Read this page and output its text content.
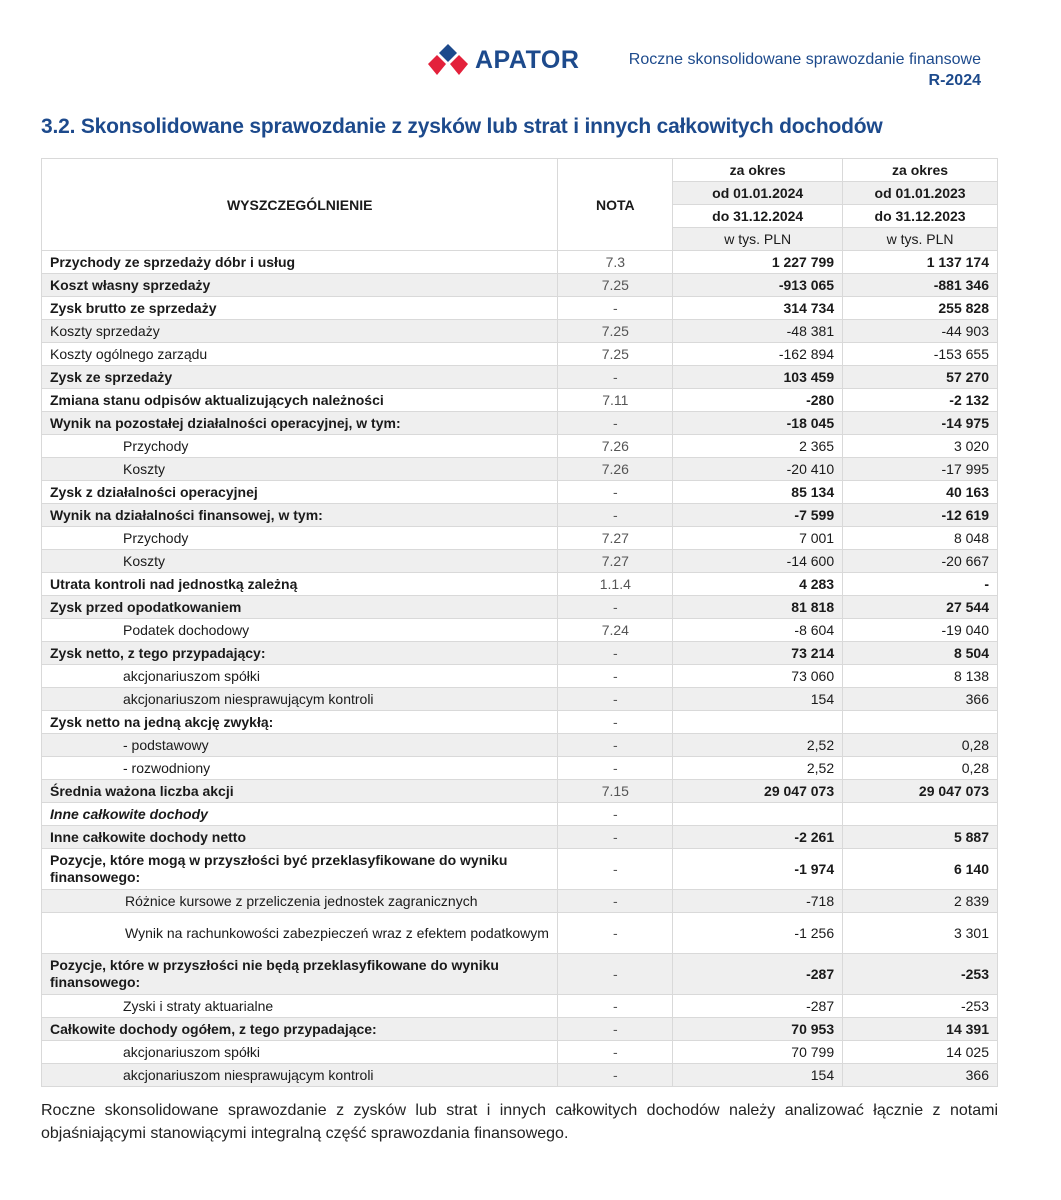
APATOR	Roczne skonsolidowane sprawozdanie finansowe
R-2024
3.2. Skonsolidowane sprawozdanie z zysków lub strat i innych całkowitych dochodów
WYSZCZEGÓLNIENIE	NOTA	za okres	za okres
		od 01.01.2024	od 01.01.2023
		do 31.12.2024	do 31.12.2023
		w tys. PLN	w tys. PLN
Przychody ze sprzedaży dóbr i usług	7.3	1 227 799	1 137 174
Koszt własny sprzedaży	7.25	-913 065	-881 346
Zysk brutto ze sprzedaży	-	314 734	255 828
Koszty sprzedaży	7.25	-48 381	-44 903
Koszty ogólnego zarządu	7.25	-162 894	-153 655
Zysk ze sprzedaży	-	103 459	57 270
Zmiana stanu odpisów aktualizujących należności	7.11	-280	-2 132
Wynik na pozostałej działalności operacyjnej, w tym:	-	-18 045	-14 975
Przychody	7.26	2 365	3 020
Koszty	7.26	-20 410	-17 995
Zysk z działalności operacyjnej	-	85 134	40 163
Wynik na działalności finansowej, w tym:	-	-7 599	-12 619
Przychody	7.27	7 001	8 048
Koszty	7.27	-14 600	-20 667
Utrata kontroli nad jednostką zależną	1.1.4	4 283	-
Zysk przed opodatkowaniem	-	81 818	27 544
Podatek dochodowy	7.24	-8 604	-19 040
Zysk netto, z tego przypadający:	-	73 214	8 504
akcjonariuszom spółki	-	73 060	8 138
akcjonariuszom niesprawującym kontroli	-	154	366
Zysk netto na jedną akcję zwykłą:	-		
- podstawowy	-	2,52	0,28
- rozwodniony	-	2,52	0,28
Średnia ważona liczba akcji	7.15	29 047 073	29 047 073
Inne całkowite dochody	-		
Inne całkowite dochody netto	-	-2 261	5 887
Pozycje, które mogą w przyszłości być przeklasyfikowane do wyniku finansowego:	-	-1 974	6 140
Różnice kursowe z przeliczenia jednostek zagranicznych	-	-718	2 839
Wynik na rachunkowości zabezpieczeń wraz z efektem podatkowym	-	-1 256	3 301
Pozycje, które w przyszłości nie będą przeklasyfikowane do wyniku finansowego:	-	-287	-253
Zyski i straty aktuarialne	-	-287	-253
Całkowite dochody ogółem, z tego przypadające:	-	70 953	14 391
akcjonariuszom spółki	-	70 799	14 025
akcjonariuszom niesprawującym kontroli	-	154	366
Roczne skonsolidowane sprawozdanie z zysków lub strat i innych całkowitych dochodów należy analizować łącznie z notami objaśniającymi stanowiącymi integralną część sprawozdania finansowego.
